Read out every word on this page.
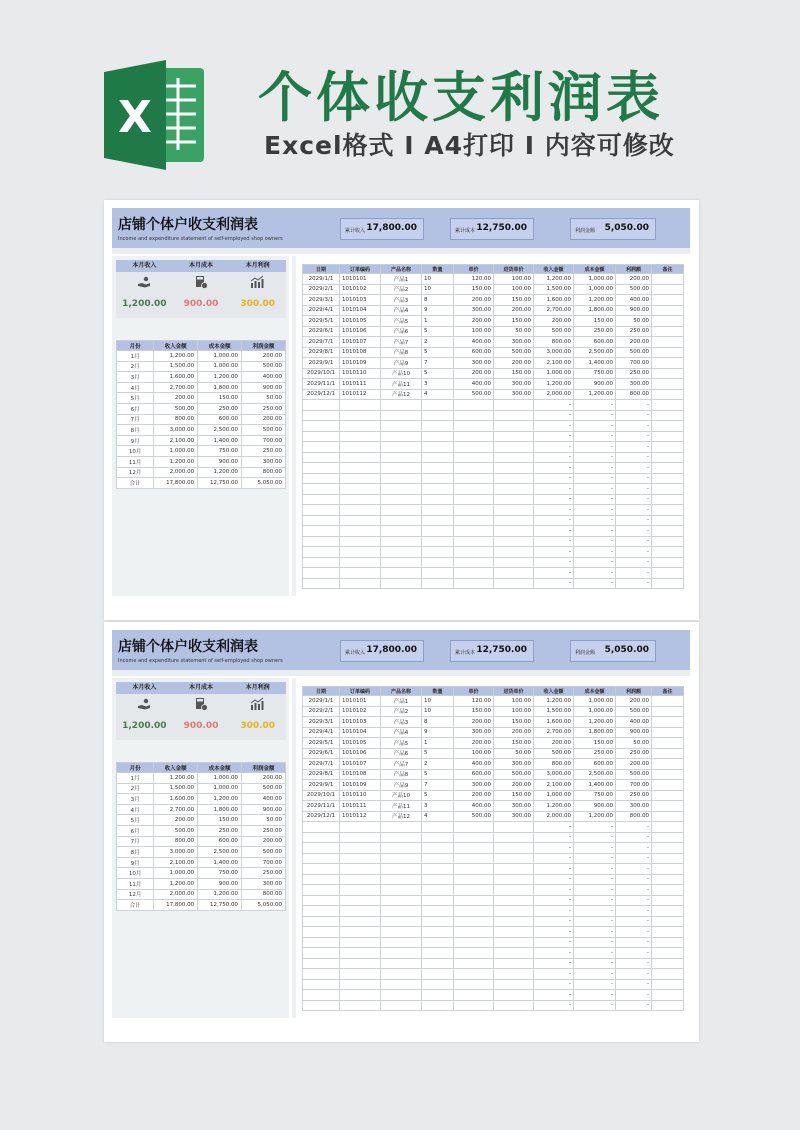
X 个体收支利润表
Excel格式 I A4打印 I 内容可修改
店铺个体户收支利润表
Income and expenditure statement of self-employed shop owners
累计收入 17,800.00	累计成本 12,750.00	利润金额 5,050.00
本月收入	本月成本	本月利润
1,200.00	900.00	300.00
月份	收入金额	成本金额	利润金额
1月	1,200.00	1,000.00	200.00
2月	1,500.00	1,000.00	500.00
3月	1,600.00	1,200.00	400.00
4月	2,700.00	1,800.00	900.00
5月	200.00	150.00	50.00
6月	500.00	250.00	250.00
7月	800.00	600.00	200.00
8月	3,000.00	2,500.00	500.00
9月	2,100.00	1,400.00	700.00
10月	1,000.00	750.00	250.00
11月	1,200.00	900.00	300.00
12月	2,000.00	1,200.00	800.00
合计	17,800.00	12,750.00	5,050.00
日期	订单编码	产品名称	数量	单价	进货单价	收入金额	成本金额	利润额	备注
2029/1/1	1010101	产品1	10	120.00	100.00	1,200.00	1,000.00	200.00	
2029/2/1	1010102	产品2	10	150.00	100.00	1,500.00	1,000.00	500.00	
2029/3/1	1010103	产品3	8	200.00	150.00	1,600.00	1,200.00	400.00	
2029/4/1	1010104	产品4	9	300.00	200.00	2,700.00	1,800.00	900.00	
2029/5/1	1010105	产品5	1	200.00	150.00	200.00	150.00	50.00	
2029/6/1	1010106	产品6	5	100.00	50.00	500.00	250.00	250.00	
2029/7/1	1010107	产品7	2	400.00	300.00	800.00	600.00	200.00	
2029/8/1	1010108	产品8	5	600.00	500.00	3,000.00	2,500.00	500.00	
2029/9/1	1010109	产品9	7	300.00	200.00	2,100.00	1,400.00	700.00	
2029/10/1	1010110	产品10	5	200.00	150.00	1,000.00	750.00	250.00	
2029/11/1	1010111	产品11	3	400.00	300.00	1,200.00	900.00	300.00	
2029/12/1	1010112	产品12	4	500.00	300.00	2,000.00	1,200.00	800.00	
						-	-	-	
						-	-	-	
						-	-	-	
						-	-	-	
						-	-	-	
						-	-	-	
						-	-	-	
						-	-	-	
						-	-	-	
						-	-	-	
						-	-	-	
						-	-	-	
						-	-	-	
						-	-	-	
						-	-	-	
						-	-	-	
						-	-	-	
						-	-	-	
店铺个体户收支利润表
Income and expenditure statement of self-employed shop owners
累计收入 17,800.00	累计成本 12,750.00	利润金额 5,050.00
本月收入	本月成本	本月利润
1,200.00	900.00	300.00
月份	收入金额	成本金额	利润金额
1月	1,200.00	1,000.00	200.00
2月	1,500.00	1,000.00	500.00
3月	1,600.00	1,200.00	400.00
4月	2,700.00	1,800.00	900.00
5月	200.00	150.00	50.00
6月	500.00	250.00	250.00
7月	800.00	600.00	200.00
8月	3,000.00	2,500.00	500.00
9月	2,100.00	1,400.00	700.00
10月	1,000.00	750.00	250.00
11月	1,200.00	900.00	300.00
12月	2,000.00	1,200.00	800.00
合计	17,800.00	12,750.00	5,050.00
日期	订单编码	产品名称	数量	单价	进货单价	收入金额	成本金额	利润额	备注
2029/1/1	1010101	产品1	10	120.00	100.00	1,200.00	1,000.00	200.00	
2029/2/1	1010102	产品2	10	150.00	100.00	1,500.00	1,000.00	500.00	
2029/3/1	1010103	产品3	8	200.00	150.00	1,600.00	1,200.00	400.00	
2029/4/1	1010104	产品4	9	300.00	200.00	2,700.00	1,800.00	900.00	
2029/5/1	1010105	产品5	1	200.00	150.00	200.00	150.00	50.00	
2029/6/1	1010106	产品6	5	100.00	50.00	500.00	250.00	250.00	
2029/7/1	1010107	产品7	2	400.00	300.00	800.00	600.00	200.00	
2029/8/1	1010108	产品8	5	600.00	500.00	3,000.00	2,500.00	500.00	
2029/9/1	1010109	产品9	7	300.00	200.00	2,100.00	1,400.00	700.00	
2029/10/1	1010110	产品10	5	200.00	150.00	1,000.00	750.00	250.00	
2029/11/1	1010111	产品11	3	400.00	300.00	1,200.00	900.00	300.00	
2029/12/1	1010112	产品12	4	500.00	300.00	2,000.00	1,200.00	800.00	
						-	-	-	
						-	-	-	
						-	-	-	
						-	-	-	
						-	-	-	
						-	-	-	
						-	-	-	
						-	-	-	
						-	-	-	
						-	-	-	
						-	-	-	
						-	-	-	
						-	-	-	
						-	-	-	
						-	-	-	
						-	-	-	
						-	-	-	
						-	-	-	
